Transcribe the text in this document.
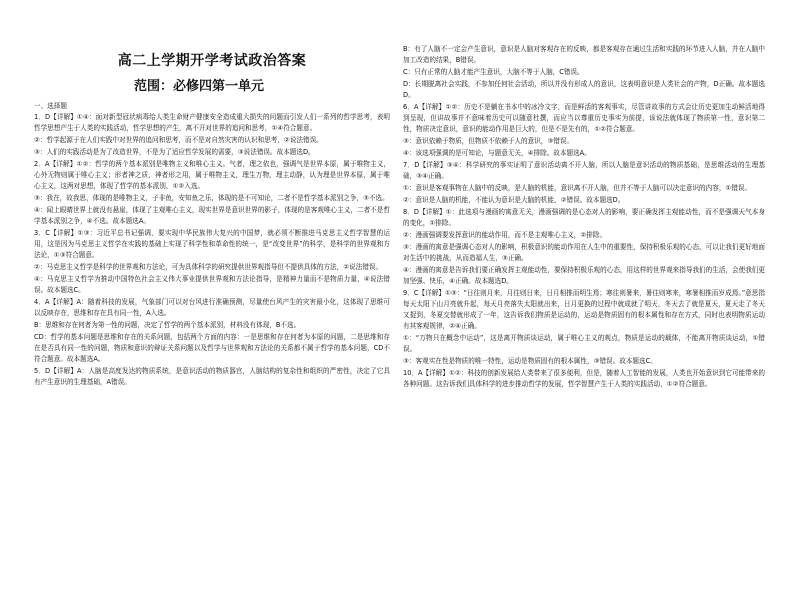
高二上学期开学考试政治答案
范围：必修四第一单元
一、选择题

1．D【详解】①④：面对新型冠状病毒给人类生命财产健康安全造成重大损失的问题而引发人们一系列的哲学思考，表明哲学思想产生于人类的实践活动，哲学思想的产生，离不开对世界的追问和思考，①④符合题意。

②：哲学起源于在人们实践中对世界的追问和思考，而不是对自然灾害的认识和思考，②说法错误。

③：人们的实践活动是为了改造世界，不是为了适应哲学发展的需要，③说法错误。故本题选D。

2．A【详解】①②：哲学的两个基本派别是唯物主义和唯心主义。气者，理之依也，强调气是世界本原，属于唯物主义，心外无物则属于唯心主义；形者神之质，神者形之用，属于唯物主义，理生万物，理主动静，认为理是世界本原，属于唯心主义，这两对思想，体现了哲学的基本派别，①②入选。

③：我在，故我思，体现的是唯物主义，子非鱼，安知鱼之乐，体现的是不可知论，二者不是哲学基本派别之争，③不选。

④：闻上眼睛世界上就没有悬崖，体现了主观唯心主义，现实世界是意识世界的影子，体现的是客观唯心主义，二者不是哲学基本派别之争，④不选。故本题选A。

3．C【详解】①③：习近平总书记强调，要实现中华民族伟大复兴的中国梦，就必须不断推进马克思主义哲学智慧的运用，这是因为马克思主义哲学在实践的基础上实现了科学性和革命性的统一，是“改变世界”的科学，是科学的世界观和方法论，①③符合题意。

②：马克思主义哲学是科学的世界观和方法论，可为具体科学的研究提供世界观指导但不提供具体的方法，②说法错误。

④：马克思主义哲学为推动中国特色社会主义伟大事业提供世界观和方法论指导，是精神力量而不是物质力量，④说法错误。故本题选C。

4．A【详解】A：随着科技的发展，气象部门可以对台风进行准确预测，尽量使台风产生的灾害最小化，这体现了思维可以反映存在，思维和存在具有同一性，A入选。

B：思维和存在何者为第一性的问题，决定了哲学的两个基本派别，材料没有体现，B不选。

CD：哲学的基本问题是思维和存在的关系问题，包括两个方面的内容：一是思维和存在何者为本原的问题，二是思维和存在是否具有同一性的问题，物质和意识的辩证关系问题以及哲学与世界观和方法论的关系都不属于哲学的基本问题，CD不符合题意。故本题选A。

5．D【详解】A：人脑是高度发达的物质系统，是意识活动的物质器官，人脑结构的复杂性和组织的严密性，决定了它具有产生意识的生理基础，A错误。

B：有了人脑不一定会产生意识，意识是人脑对客观存在的反映，都是客观存在通过生活和实践的环节进入人脑，并在人脑中加工改造的结果，B错误。

C：只有正常的人脑才能产生意识，大脑不等于人脑，C错误。

D：长期脱离社会实践，不参加任何社会活动，所以并没有形成人的意识，这表明意识是人类社会的产物，D正确。故本题选D。

6．A【详解】①②：历史不是躺在书本中的冰冷文字，而是鲜活的客观事实，尽管讲故事的方式会让历史更加生动鲜活地得到呈现，但讲故事并不意味着历史可以随意杜撰，而应当以尊重历史事实为前提，该说法就体现了物质第一性，意识第二性，物质决定意识，意识的能动作用是巨大的，但是不是先有的，①②符合题意。

③：意识依赖于物质，但物质不依赖于人的意识，③错误。

④：该选项强调的是可知论，与题意无关，④排除。故本题选A。

7．D【详解】③④：科学研究的事实证明了意识活动离不开人脑，所以人脑是意识活动的物质基础，是思维活动的生理基础，③④正确。

①：意识是客观事物在人脑中的反映，是人脑的机能，意识离不开人脑，但并不等于人脑可以决定意识的内容，①错误。

②：意识是人脑的机能，不能认为意识是大脑的机能，②错误。故本题选D。

8．D【详解】①：此选项与漫画的寓意无关，漫画强调的是心态对人的影响，要正确发挥主观能动性，而不是强调天气本身的变化，①排除。

②：漫画强调要发挥意识的能动作用，而不是主观唯心主义，②排除。

③：漫画的寓意是强调心态对人的影响，积极意识的能动作用在人生中的重要性，保持积极乐观的心态，可以让我们更好地面对生活中的挑战，从而造福人生，③正确。

④：漫画的寓意是告诉我们要正确发挥主观能动性，要保持积极乐观的心态，用这样的世界观来指导我们的生活，会使我们更加坚强、快乐，④正确。故本题选D。

9．C【详解】①③：“日往则月来，月往则日来，日月相推而明生焉；寒往则暑来，暑往则寒来，寒暑相推而岁成焉。”意思指每天太阳下山月亮就升起，每天月亮落失太阳就出来，日月更换的过程中就成就了明天，冬天去了就是夏天，夏天走了冬天又捉到，冬夏交替就形成了一年，这告诉我们物质是运动的，运动是物质固有的根本属性和存在方式，同时也表明物质运动有其客观规律，②④正确。

①：“万物只在概念中运动”，这是离开物质谈运动，属于唯心主义的观点，物质是运动的载体，不能离开物质谈运动，①错误。

③：客观实在性是物质的唯一特性，运动是物质固有的根本属性，③错误。故本题选C。

10．A【详解】①②：科技的创新发展给人类带来了很多便利，但是，随着人工智能的发展，人类也开始意识到它可能带来的各种问题。这告诉我们具体科学的进步推动哲学的发展，哲学智慧产生于人类的实践活动，①②符合题意。
